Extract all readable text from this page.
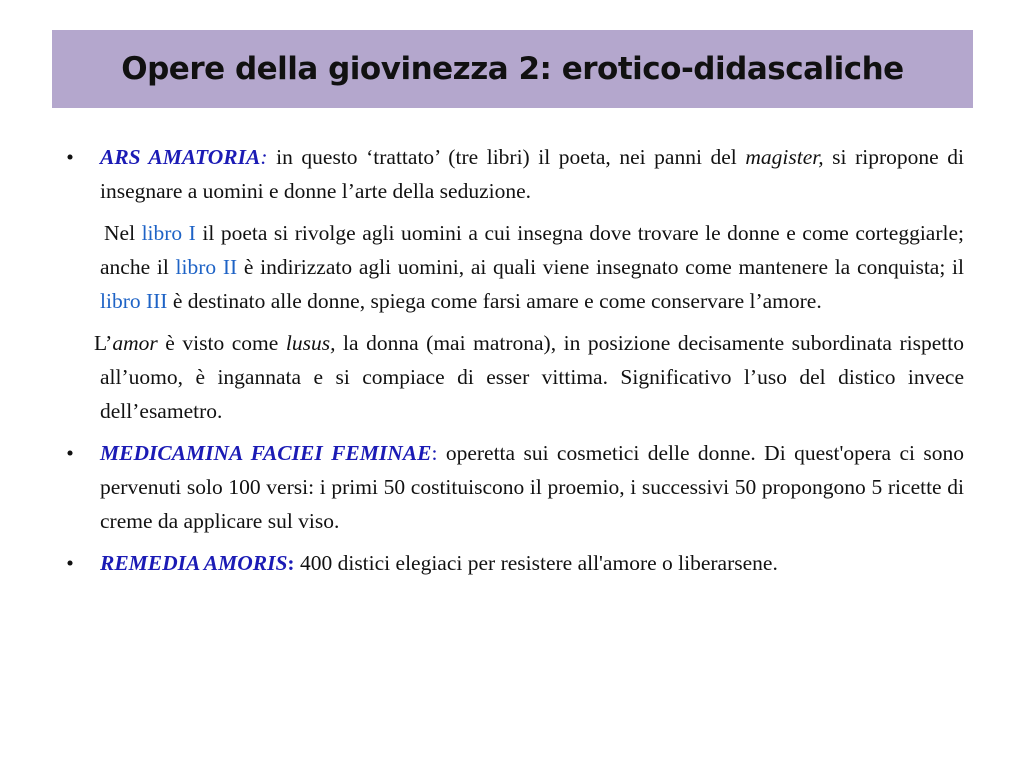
Opere della giovinezza 2: erotico-didascaliche
• ARS AMATORIA: in questo ‘trattato’ (tre libri) il poeta, nei panni del magister, si ripropone di insegnare a uomini e donne l’arte della seduzione.
Nel libro I il poeta si rivolge agli uomini a cui insegna dove trovare le donne e come corteggiarle; anche il libro II è indirizzato agli uomini, ai quali viene insegnato come mantenere la conquista; il libro III è destinato alle donne, spiega come farsi amare e come conservare l’amore.
L’amor è visto come lusus, la donna (mai matrona), in posizione decisamente subordinata rispetto all’uomo, è ingannata e si compiace di esser vittima. Significativo l’uso del distico invece dell’esametro.
• MEDICAMINA FACIEI FEMINAE: operetta sui cosmetici delle donne. Di quest'opera ci sono pervenuti solo 100 versi: i primi 50 costituiscono il proemio, i successivi 50 propongono 5 ricette di creme da applicare sul viso.
• REMEDIA AMORIS: 400 distici elegiaci per resistere all'amore o liberarsene.
